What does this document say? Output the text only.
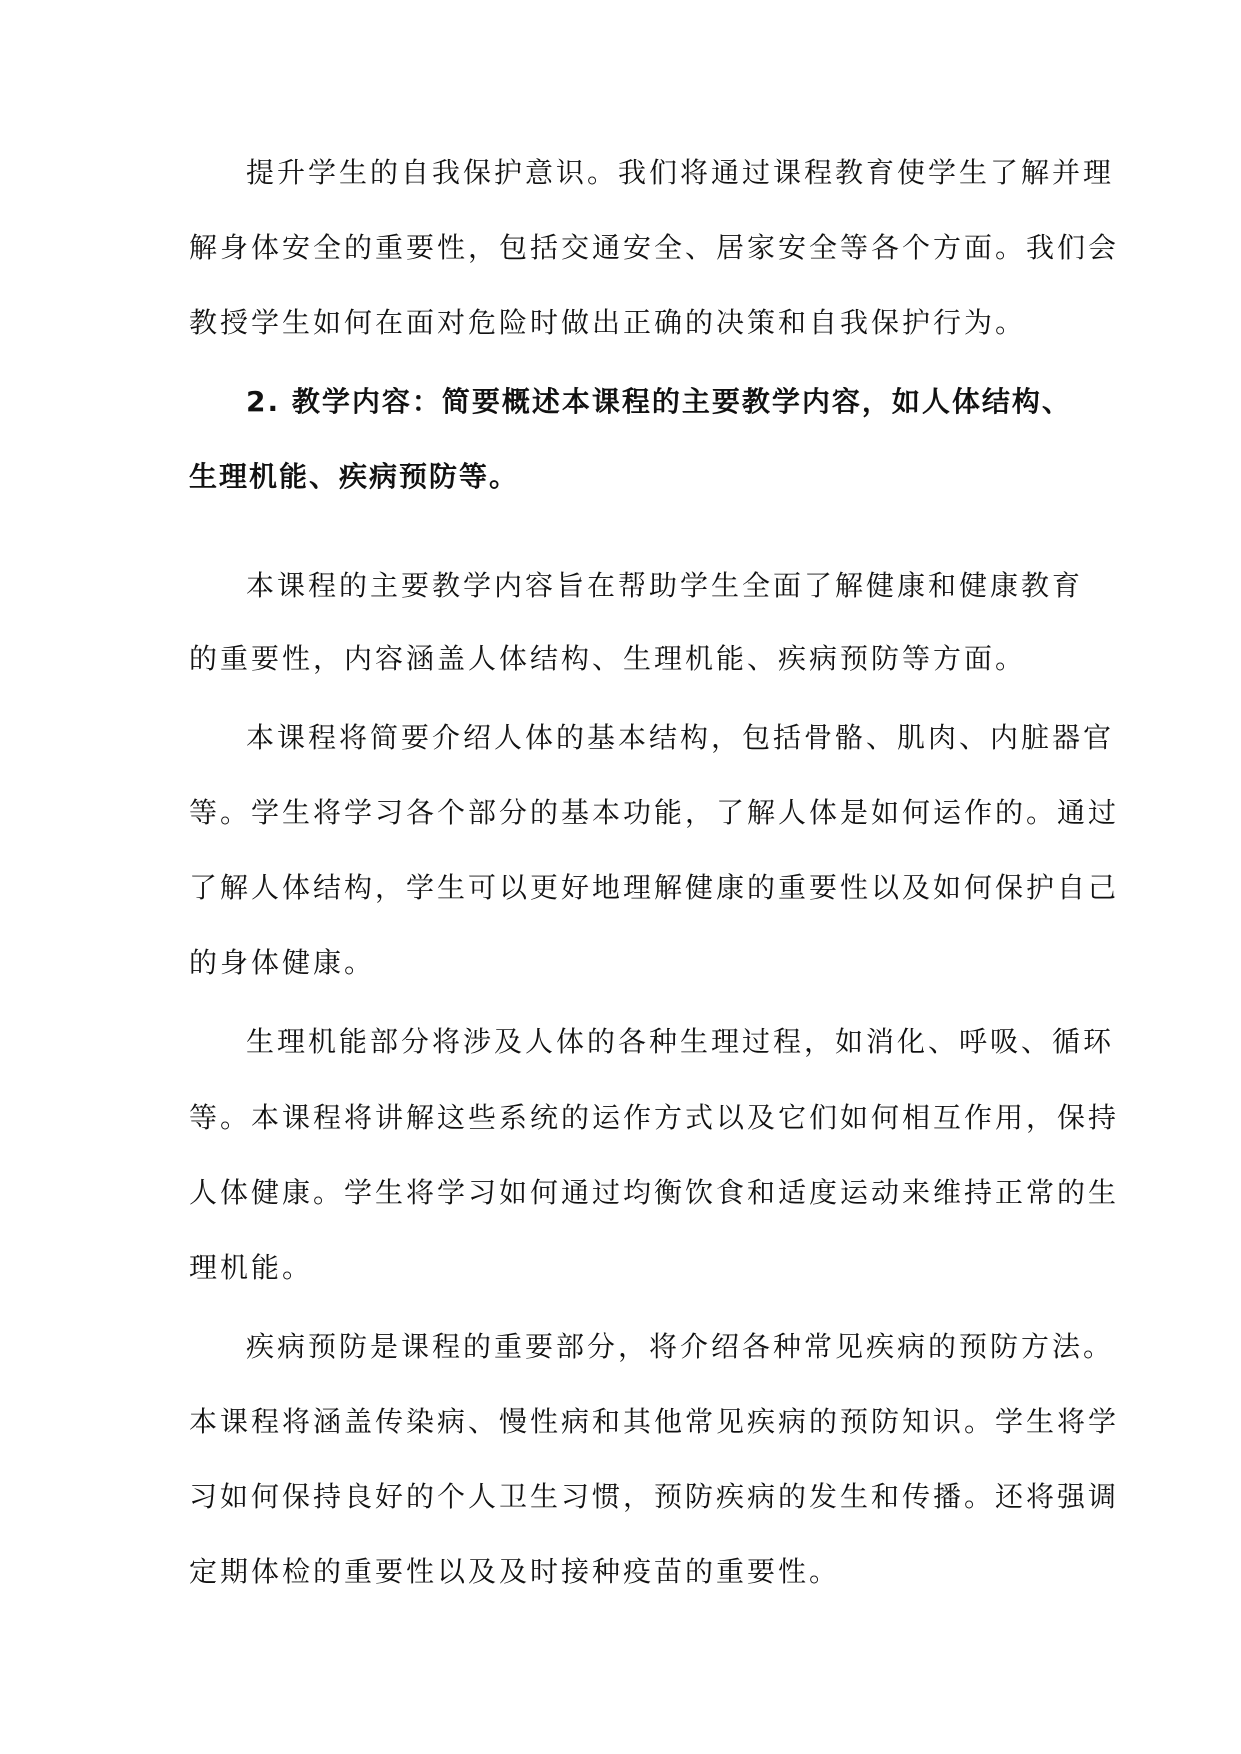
提升学生的自我保护意识。我们将通过课程教育使学生了解并理
解身体安全的重要性，包括交通安全、居家安全等各个方面。我们会
教授学生如何在面对危险时做出正确的决策和自我保护行为。
2. 教学内容：简要概述本课程的主要教学内容，如人体结构、
生理机能、疾病预防等。
本课程的主要教学内容旨在帮助学生全面了解健康和健康教育
的重要性，内容涵盖人体结构、生理机能、疾病预防等方面。
本课程将简要介绍人体的基本结构，包括骨骼、肌肉、内脏器官
等。学生将学习各个部分的基本功能，了解人体是如何运作的。通过
了解人体结构，学生可以更好地理解健康的重要性以及如何保护自己
的身体健康。
生理机能部分将涉及人体的各种生理过程，如消化、呼吸、循环
等。本课程将讲解这些系统的运作方式以及它们如何相互作用，保持
人体健康。学生将学习如何通过均衡饮食和适度运动来维持正常的生
理机能。
疾病预防是课程的重要部分，将介绍各种常见疾病的预防方法。
本课程将涵盖传染病、慢性病和其他常见疾病的预防知识。学生将学
习如何保持良好的个人卫生习惯，预防疾病的发生和传播。还将强调
定期体检的重要性以及及时接种疫苗的重要性。
